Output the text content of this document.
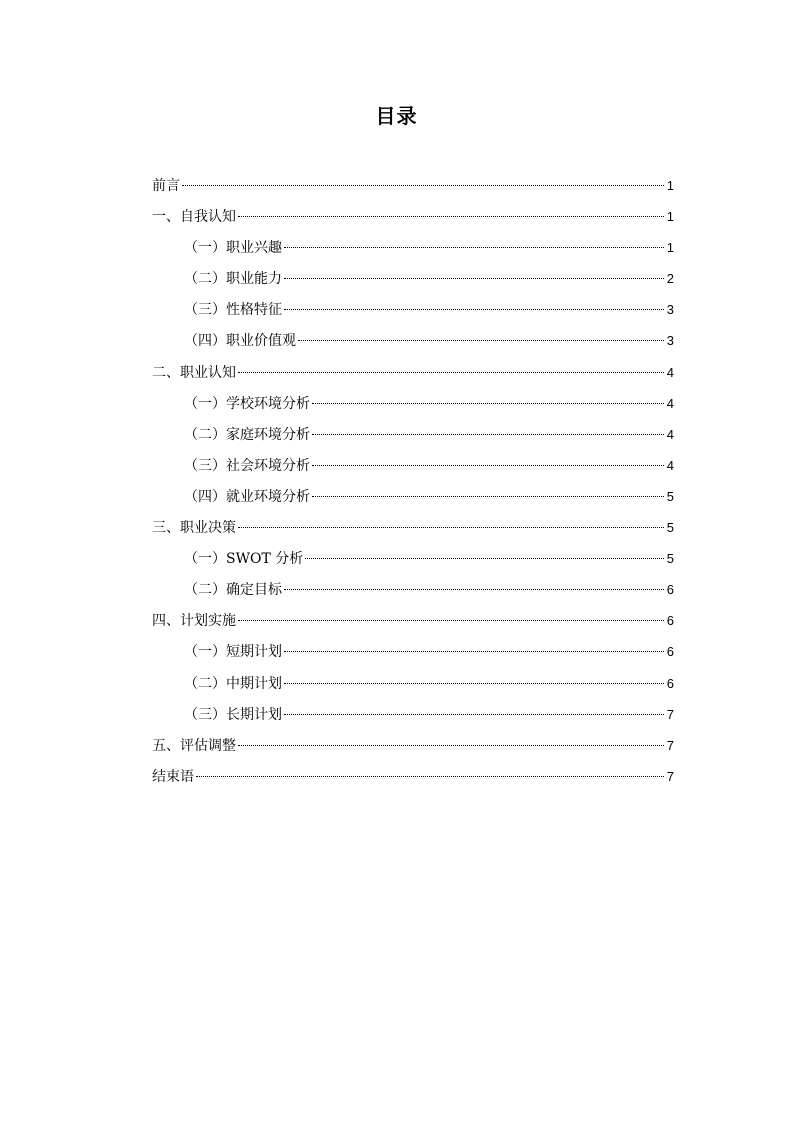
目录
前言	1
一、自我认知	1
（一）职业兴趣	1
（二）职业能力	2
（三）性格特征	3
（四）职业价值观	3
二、职业认知	4
（一）学校环境分析	4
（二）家庭环境分析	4
（三）社会环境分析	4
（四）就业环境分析	5
三、职业决策	5
（一）SWOT 分析	5
（二）确定目标	6
四、计划实施	6
（一）短期计划	6
（二）中期计划	6
（三）长期计划	7
五、评估调整	7
结束语	7
